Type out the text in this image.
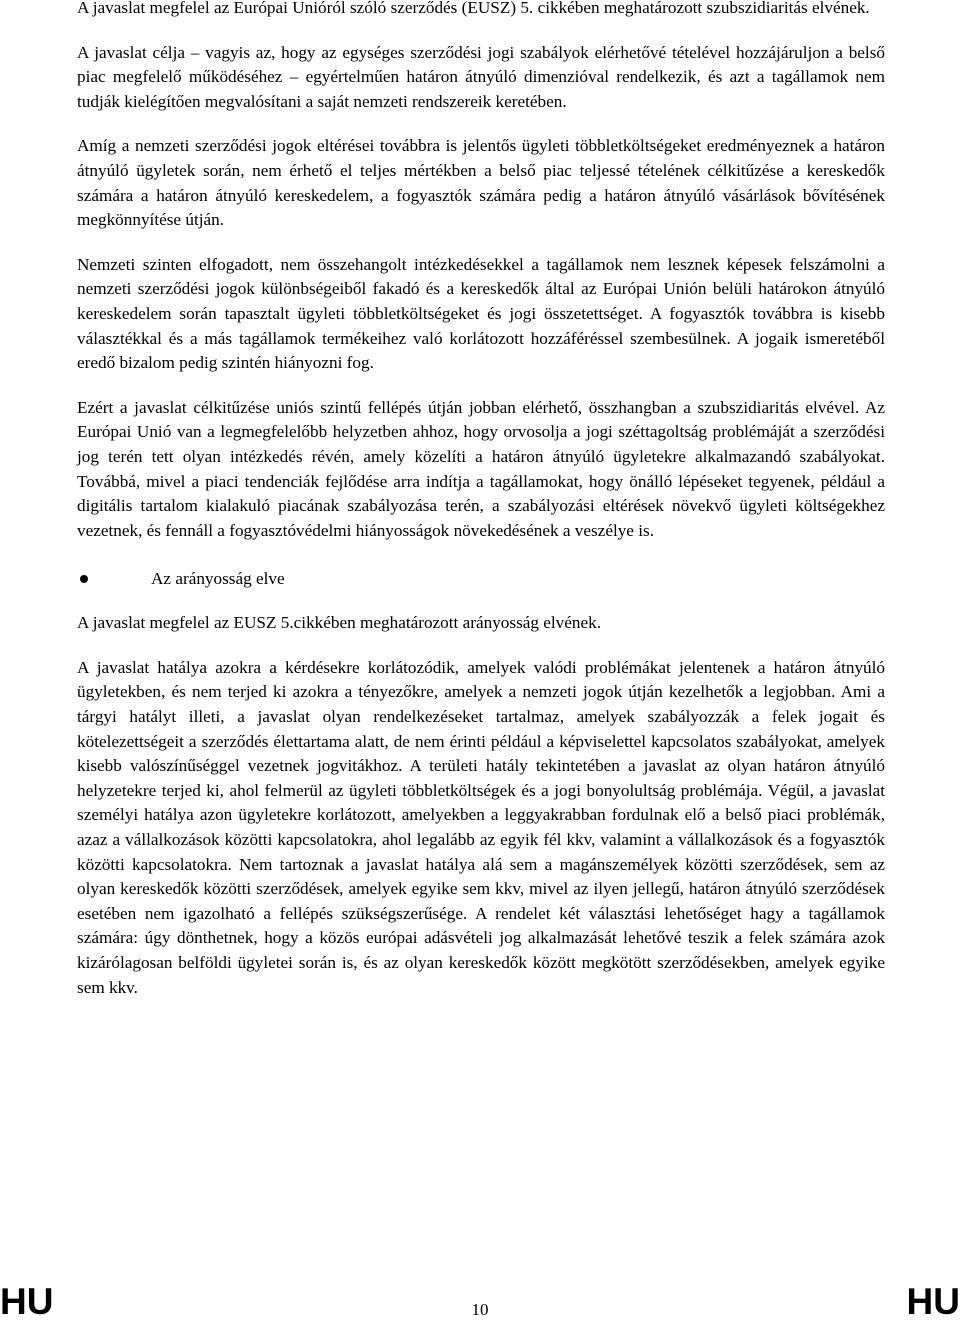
A javaslat megfelel az Európai Unióról szóló szerződés (EUSZ) 5. cikkében meghatározott szubszidiaritás elvének.

A javaslat célja – vagyis az, hogy az egységes szerződési jogi szabályok elérhetővé tételével hozzájáruljon a belső piac megfelelő működéséhez – egyértelműen határon átnyúló dimenzióval rendelkezik, és azt a tagállamok nem tudják kielégítően megvalósítani a saját nemzeti rendszereik keretében.

Amíg a nemzeti szerződési jogok eltérései továbbra is jelentős ügyleti többletköltségeket eredményeznek a határon átnyúló ügyletek során, nem érhető el teljes mértékben a belső piac teljessé tételének célkitűzése a kereskedők számára a határon átnyúló kereskedelem, a fogyasztók számára pedig a határon átnyúló vásárlások bővítésének megkönnyítése útján.

Nemzeti szinten elfogadott, nem összehangolt intézkedésekkel a tagállamok nem lesznek képesek felszámolni a nemzeti szerződési jogok különbségeiből fakadó és a kereskedők által az Európai Unión belüli határokon átnyúló kereskedelem során tapasztalt ügyleti többletköltségeket és jogi összetettséget. A fogyasztók továbbra is kisebb választékkal és a más tagállamok termékeihez való korlátozott hozzáféréssel szembesülnek. A jogaik ismeretéből eredő bizalom pedig szintén hiányozni fog.

Ezért a javaslat célkitűzése uniós szintű fellépés útján jobban elérhető, összhangban a szubszidiaritás elvével. Az Európai Unió van a legmegfelelőbb helyzetben ahhoz, hogy orvosolja a jogi széttagoltság problémáját a szerződési jog terén tett olyan intézkedés révén, amely közelíti a határon átnyúló ügyletekre alkalmazandó szabályokat. Továbbá, mivel a piaci tendenciák fejlődése arra indítja a tagállamokat, hogy önálló lépéseket tegyenek, például a digitális tartalom kialakuló piacának szabályozása terén, a szabályozási eltérések növekvő ügyleti költségekhez vezetnek, és fennáll a fogyasztóvédelmi hiányosságok növekedésének a veszélye is.

Az arányosság elve

A javaslat megfelel az EUSZ 5.cikkében meghatározott arányosság elvének.

A javaslat hatálya azokra a kérdésekre korlátozódik, amelyek valódi problémákat jelentenek a határon átnyúló ügyletekben, és nem terjed ki azokra a tényezőkre, amelyek a nemzeti jogok útján kezelhetők a legjobban. Ami a tárgyi hatályt illeti, a javaslat olyan rendelkezéseket tartalmaz, amelyek szabályozzák a felek jogait és kötelezettségeit a szerződés élettartama alatt, de nem érinti például a képviselettel kapcsolatos szabályokat, amelyek kisebb valószínűséggel vezetnek jogvitákhoz. A területi hatály tekintetében a javaslat az olyan határon átnyúló helyzetekre terjed ki, ahol felmerül az ügyleti többletköltségek és a jogi bonyolultság problémája. Végül, a javaslat személyi hatálya azon ügyletekre korlátozott, amelyekben a leggyakrabban fordulnak elő a belső piaci problémák, azaz a vállalkozások közötti kapcsolatokra, ahol legalább az egyik fél kkv, valamint a vállalkozások és a fogyasztók közötti kapcsolatokra. Nem tartoznak a javaslat hatálya alá sem a magánszemélyek közötti szerződések, sem az olyan kereskedők közötti szerződések, amelyek egyike sem kkv, mivel az ilyen jellegű, határon átnyúló szerződések esetében nem igazolható a fellépés szükségszerűsége. A rendelet két választási lehetőséget hagy a tagállamok számára: úgy dönthetnek, hogy a közös európai adásvételi jog alkalmazását lehetővé teszik a felek számára azok kizárólagosan belföldi ügyletei során is, és az olyan kereskedők között megkötött szerződésekben, amelyek egyike sem kkv.

HU	10	HU
